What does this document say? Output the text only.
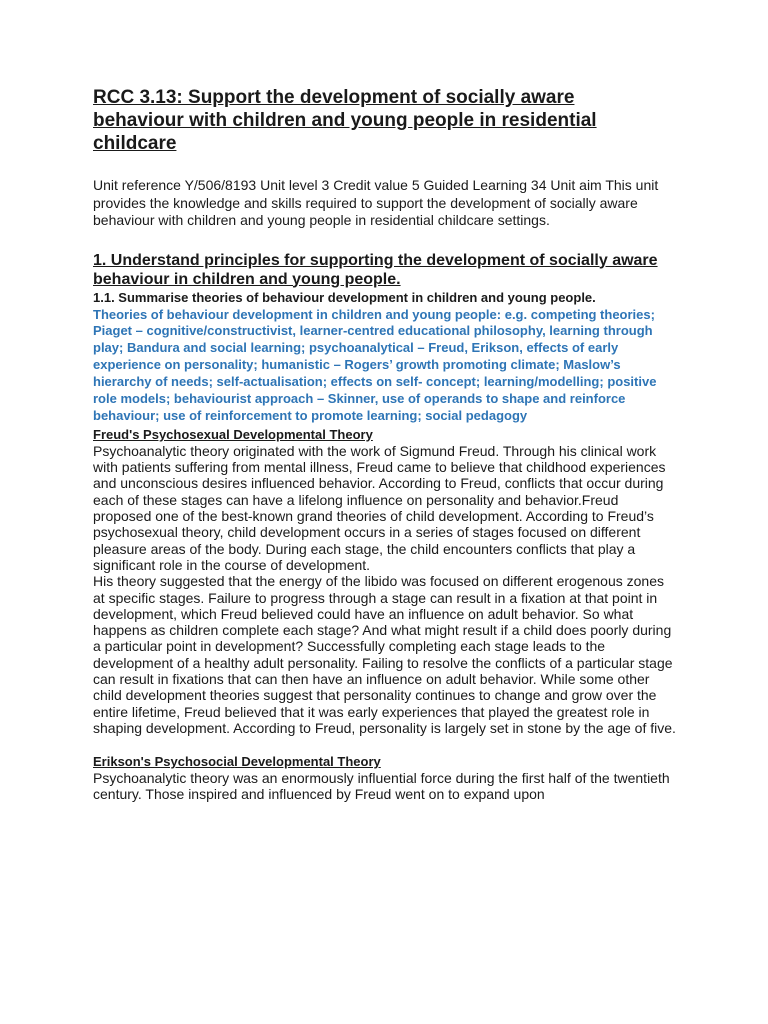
RCC 3.13: Support the development of socially aware behaviour with children and young people in residential childcare

Unit reference Y/506/8193 Unit level 3 Credit value 5 Guided Learning 34 Unit aim This unit provides the knowledge and skills required to support the development of socially aware behaviour with children and young people in residential childcare settings.

1. Understand principles for supporting the development of socially aware behaviour in children and young people.
1.1. Summarise theories of behaviour development in children and young people.

Theories of behaviour development in children and young people: e.g. competing theories; Piaget – cognitive/constructivist, learner-centred educational philosophy, learning through play; Bandura and social learning; psychoanalytical – Freud, Erikson, effects of early experience on personality; humanistic – Rogers’ growth promoting climate; Maslow’s hierarchy of needs; self-actualisation; effects on self- concept; learning/modelling; positive role models; behaviourist approach – Skinner, use of operands to shape and reinforce behaviour; use of reinforcement to promote learning; social pedagogy

Freud's Psychosexual Developmental Theory

Psychoanalytic theory originated with the work of Sigmund Freud. Through his clinical work with patients suffering from mental illness, Freud came to believe that childhood experiences and unconscious desires influenced behavior. According to Freud, conflicts that occur during each of these stages can have a lifelong influence on personality and behavior.Freud proposed one of the best-known grand theories of child development. According to Freud’s psychosexual theory, child development occurs in a series of stages focused on different pleasure areas of the body. During each stage, the child encounters conflicts that play a significant role in the course of development.

His theory suggested that the energy of the libido was focused on different erogenous zones at specific stages. Failure to progress through a stage can result in a fixation at that point in development, which Freud believed could have an influence on adult behavior. So what happens as children complete each stage? And what might result if a child does poorly during a particular point in development? Successfully completing each stage leads to the development of a healthy adult personality. Failing to resolve the conflicts of a particular stage can result in fixations that can then have an influence on adult behavior. While some other child development theories suggest that personality continues to change and grow over the entire lifetime, Freud believed that it was early experiences that played the greatest role in shaping development. According to Freud, personality is largely set in stone by the age of five.

Erikson's Psychosocial Developmental Theory

Psychoanalytic theory was an enormously influential force during the first half of the twentieth century. Those inspired and influenced by Freud went on to expand upon
